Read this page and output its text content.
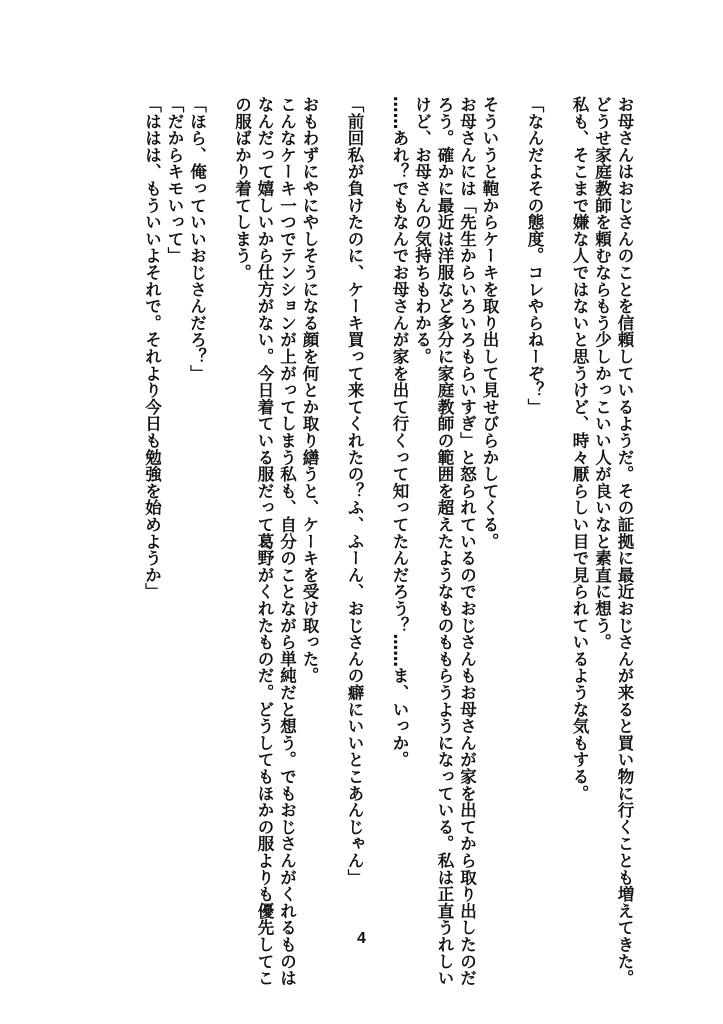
お母さんはおじさんのことを信頼しているようだ。その証拠に最近おじさんが来ると買い物に行くことも増えてきた。
どうせ家庭教師を頼むならもう少しかっこいい人が良いなと素直に想う。
私も、そこまで嫌な人ではないと思うけど、時々厭らしい目で見られているような気もする。
「なんだよその態度。コレやらねーぞ？」
そういうと鞄からケーキを取り出して見せびらかしてくる。
お母さんには「先生からいろいろもらいすぎ」と怒られているのでおじさんもお母さんが家を出てから取り出したのだ
ろう。確かに最近は洋服など多分に家庭教師の範囲を超えたようなものももらうようになっている。私は正直うれしい
けど、お母さんの気持ちもわかる。
……あれ？でもなんでお母さんが家を出て行くって知ってたんだろう？……ま、いっか。
「前回私が負けたのに、ケーキ買って来てくれたの？ふ、ふーん、おじさんの癖にいいとこあんじゃん」
おもわずにやにやしそうになる顔を何とか取り繕うと、ケーキを受け取った。
こんなケーキ一つでテンションが上がってしまう私も、自分のことながら単純だと想う。でもおじさんがくれるものは
なんだって嬉しいから仕方がない。今日着ている服だって葛野がくれたものだ。どうしてもほかの服よりも優先してこ
の服ばかり着てしまう。
「ほら、俺っていいおじさんだろ？」
「だからキモいって」
「ははは、もういいよそれで。それより今日も勉強を始めようか」
4
